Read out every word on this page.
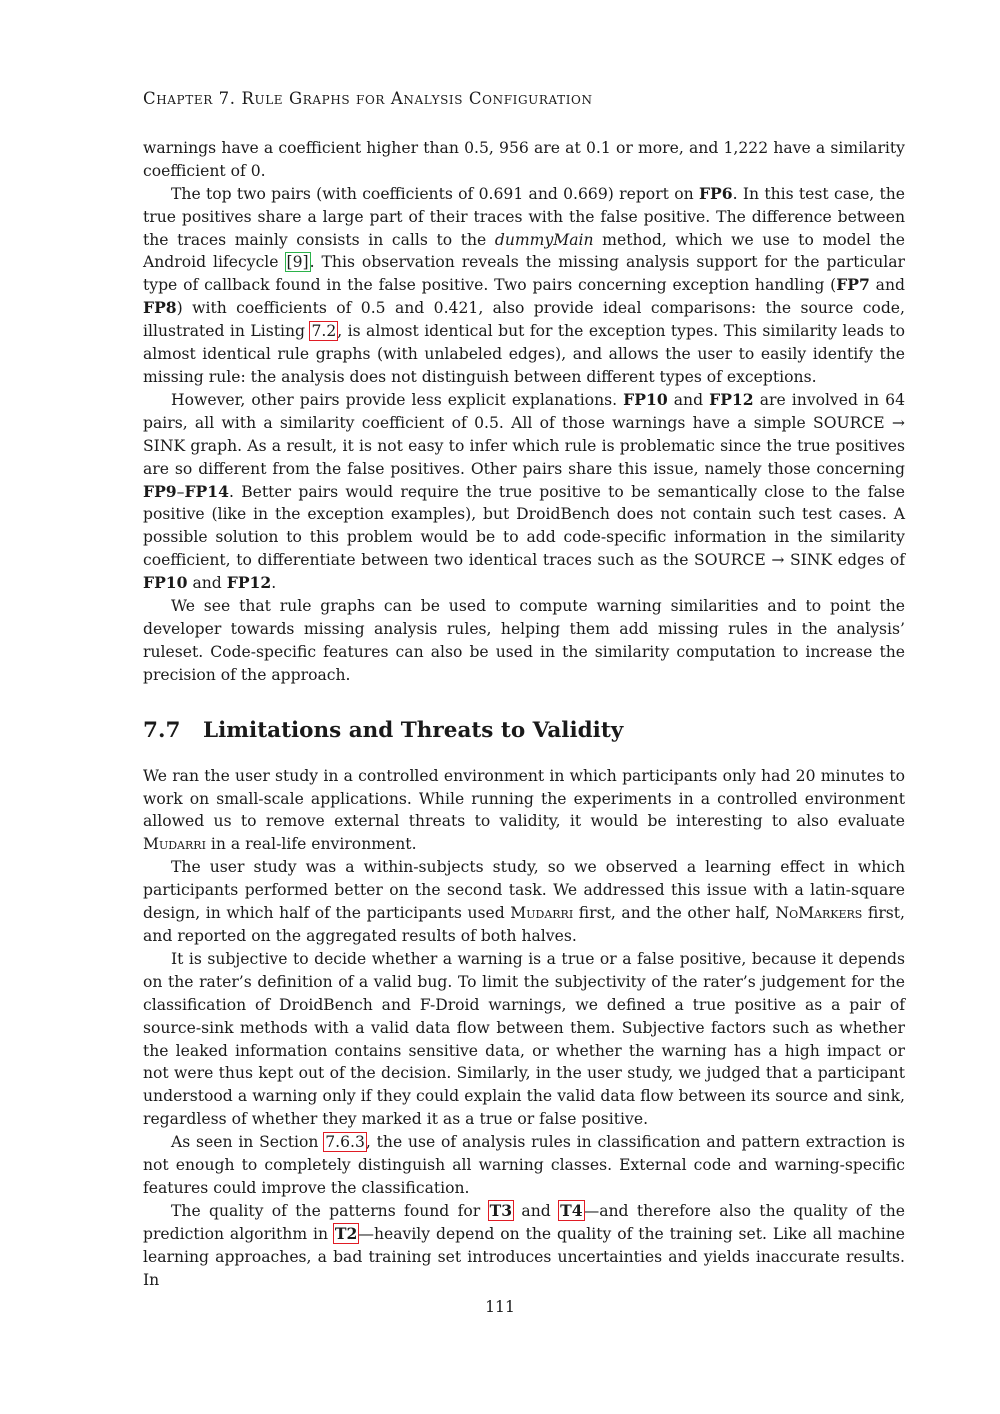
Chapter 7. Rule Graphs for Analysis Configuration

warnings have a coefficient higher than 0.5, 956 are at 0.1 or more, and 1,222 have a similarity coefficient of 0.

The top two pairs (with coefficients of 0.691 and 0.669) report on FP6. In this test case, the true positives share a large part of their traces with the false positive. The difference between the traces mainly consists in calls to the dummyMain method, which we use to model the Android lifecycle [9]. This observation reveals the missing analysis support for the particular type of callback found in the false positive. Two pairs concerning exception handling (FP7 and FP8) with coefficients of 0.5 and 0.421, also provide ideal comparisons: the source code, illustrated in Listing 7.2, is almost identical but for the exception types. This similarity leads to almost identical rule graphs (with unlabeled edges), and allows the user to easily identify the missing rule: the analysis does not distinguish between different types of exceptions.

However, other pairs provide less explicit explanations. FP10 and FP12 are involved in 64 pairs, all with a similarity coefficient of 0.5. All of those warnings have a simple SOURCE → SINK graph. As a result, it is not easy to infer which rule is problematic since the true positives are so different from the false positives. Other pairs share this issue, namely those concerning FP9–FP14. Better pairs would require the true positive to be semantically close to the false positive (like in the exception examples), but DroidBench does not contain such test cases. A possible solution to this problem would be to add code-specific information in the similarity coefficient, to differentiate between two identical traces such as the SOURCE → SINK edges of FP10 and FP12.

We see that rule graphs can be used to compute warning similarities and to point the developer towards missing analysis rules, helping them add missing rules in the analysis’ ruleset. Code-specific features can also be used in the similarity computation to increase the precision of the approach.

7.7 Limitations and Threats to Validity

We ran the user study in a controlled environment in which participants only had 20 minutes to work on small-scale applications. While running the experiments in a controlled environment allowed us to remove external threats to validity, it would be interesting to also evaluate Mudarri in a real-life environment.

The user study was a within-subjects study, so we observed a learning effect in which participants performed better on the second task. We addressed this issue with a latin-square design, in which half of the participants used Mudarri first, and the other half, NoMarkers first, and reported on the aggregated results of both halves.

It is subjective to decide whether a warning is a true or a false positive, because it depends on the rater’s definition of a valid bug. To limit the subjectivity of the rater’s judgement for the classification of DroidBench and F-Droid warnings, we defined a true positive as a pair of source-sink methods with a valid data flow between them. Subjective factors such as whether the leaked information contains sensitive data, or whether the warning has a high impact or not were thus kept out of the decision. Similarly, in the user study, we judged that a participant understood a warning only if they could explain the valid data flow between its source and sink, regardless of whether they marked it as a true or false positive.

As seen in Section 7.6.3, the use of analysis rules in classification and pattern extraction is not enough to completely distinguish all warning classes. External code and warning-specific features could improve the classification.

The quality of the patterns found for T3 and T4—and therefore also the quality of the prediction algorithm in T2—heavily depend on the quality of the training set. Like all machine learning approaches, a bad training set introduces uncertainties and yields inaccurate results. In

111
